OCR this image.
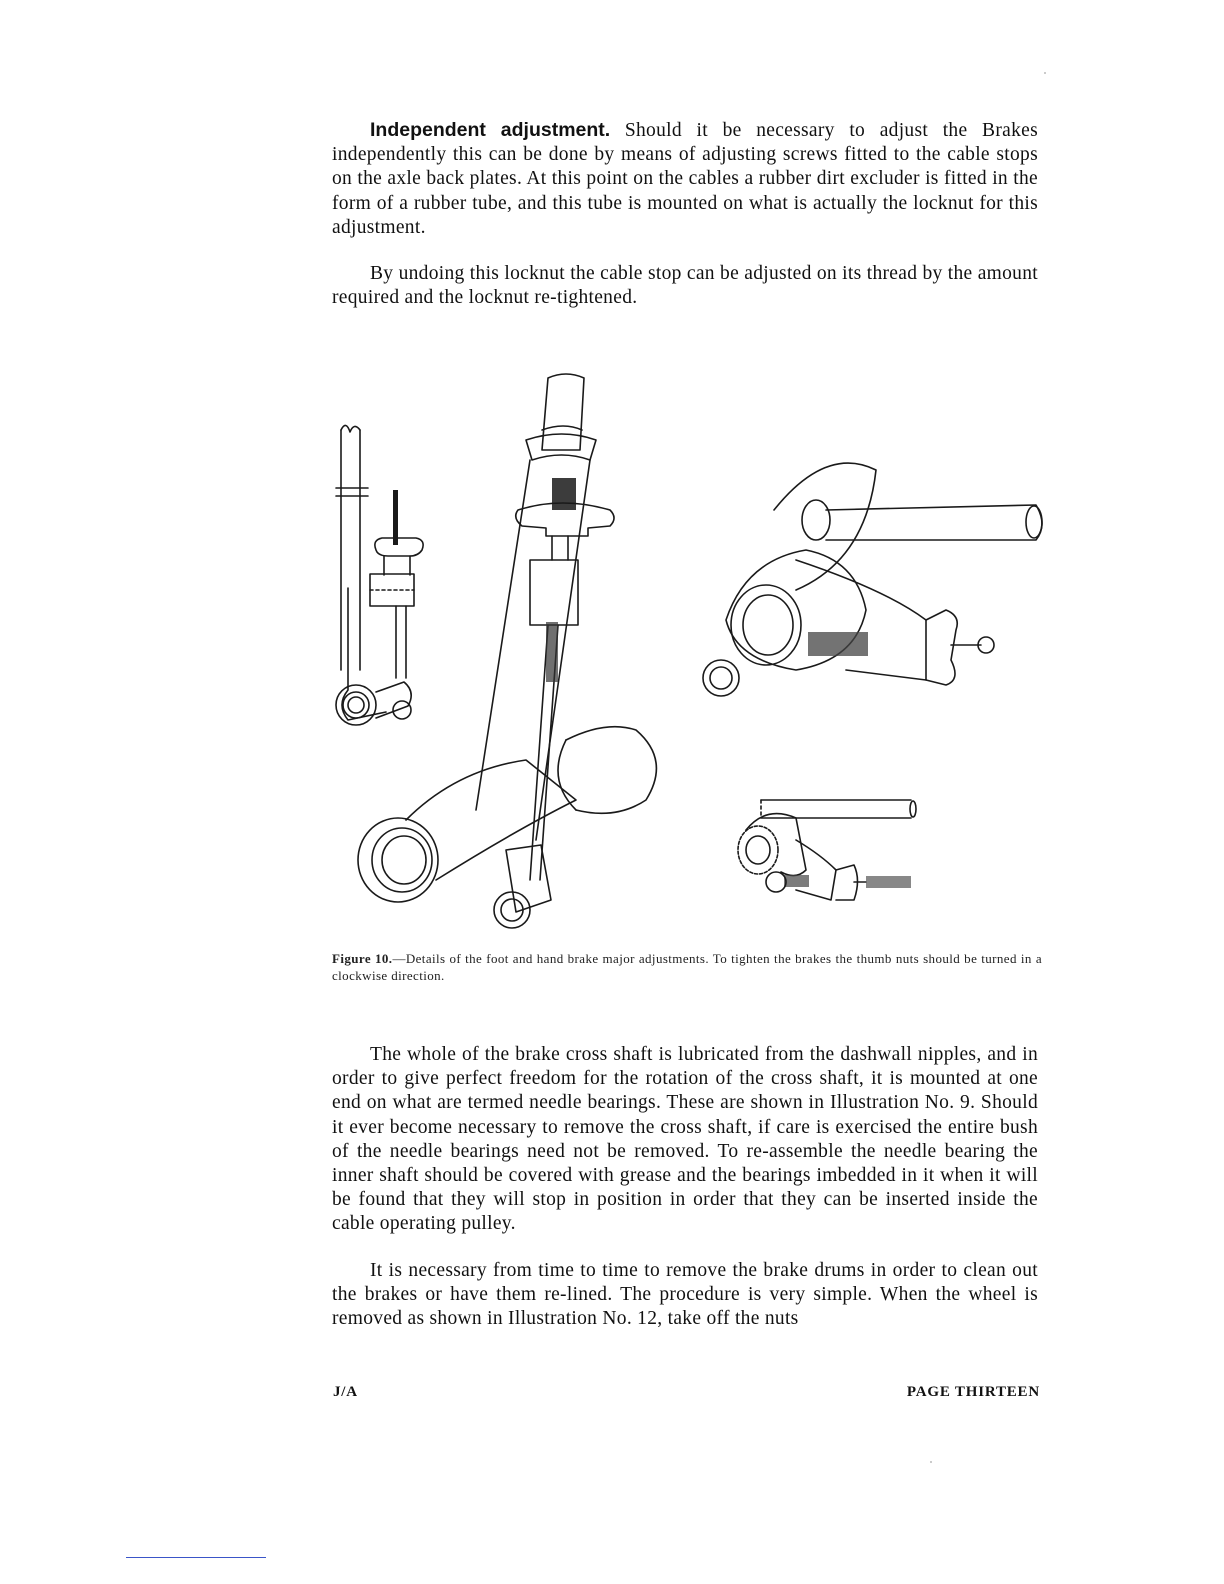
Independent adjustment. Should it be necessary to adjust the Brakes independently this can be done by means of adjusting screws fitted to the cable stops on the axle back plates. At this point on the cables a rubber dirt excluder is fitted in the form of a rubber tube, and this tube is mounted on what is actually the locknut for this adjustment.

By undoing this locknut the cable stop can be adjusted on its thread by the amount required and the locknut re-tightened.

Figure 10.—Details of the foot and hand brake major adjustments. To tighten the brakes the thumb nuts should be turned in a clockwise direction.

The whole of the brake cross shaft is lubricated from the dashwall nipples, and in order to give perfect freedom for the rotation of the cross shaft, it is mounted at one end on what are termed needle bearings. These are shown in Illustration No. 9. Should it ever become necessary to remove the cross shaft, if care is exercised the entire bush of the needle bearings need not be removed. To re-assemble the needle bearing the inner shaft should be covered with grease and the bearings imbedded in it when it will be found that they will stop in position in order that they can be inserted inside the cable operating pulley.

It is necessary from time to time to remove the brake drums in order to clean out the brakes or have them re-lined. The procedure is very simple. When the wheel is removed as shown in Illustration No. 12, take off the nuts

J/A	PAGE THIRTEEN
